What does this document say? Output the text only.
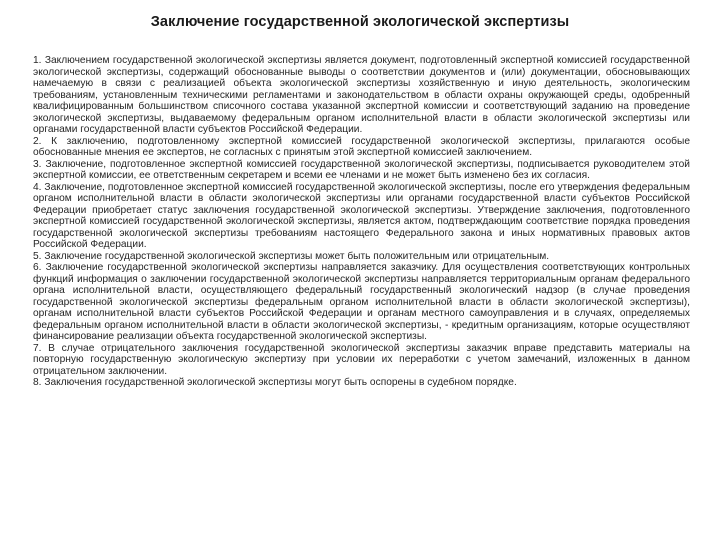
Заключение государственной экологической экспертизы

1. Заключением государственной экологической экспертизы является документ, подготовленный экспертной комиссией государственной экологической экспертизы, содержащий обоснованные выводы о соответствии документов и (или) документации, обосновывающих намечаемую в связи с реализацией объекта экологической экспертизы хозяйственную и иную деятельность, экологическим требованиям, установленным техническими регламентами и законодательством в области охраны окружающей среды, одобренный квалифицированным большинством списочного состава указанной экспертной комиссии и соответствующий заданию на проведение экологической экспертизы, выдаваемому федеральным органом исполнительной власти в области экологической экспертизы или органами государственной власти субъектов Российской Федерации.

2. К заключению, подготовленному экспертной комиссией государственной экологической экспертизы, прилагаются особые обоснованные мнения ее экспертов, не согласных с принятым этой экспертной комиссией заключением.

3. Заключение, подготовленное экспертной комиссией государственной экологической экспертизы, подписывается руководителем этой экспертной комиссии, ее ответственным секретарем и всеми ее членами и не может быть изменено без их согласия.

4. Заключение, подготовленное экспертной комиссией государственной экологической экспертизы, после его утверждения федеральным органом исполнительной власти в области экологической экспертизы или органами государственной власти субъектов Российской Федерации приобретает статус заключения государственной экологической экспертизы. Утверждение заключения, подготовленного экспертной комиссией государственной экологической экспертизы, является актом, подтверждающим соответствие порядка проведения государственной экологической экспертизы требованиям настоящего Федерального закона и иных нормативных правовых актов Российской Федерации.

5. Заключение государственной экологической экспертизы может быть положительным или отрицательным.

6. Заключение государственной экологической экспертизы направляется заказчику. Для осуществления соответствующих контрольных функций информация о заключении государственной экологической экспертизы направляется территориальным органам федерального органа исполнительной власти, осуществляющего федеральный государственный экологический надзор (в случае проведения государственной экологической экспертизы федеральным органом исполнительной власти в области экологической экспертизы), органам исполнительной власти субъектов Российской Федерации и органам местного самоуправления и в случаях, определяемых федеральным органом исполнительной власти в области экологической экспертизы, - кредитным организациям, которые осуществляют финансирование реализации объекта государственной экологической экспертизы.

7. В случае отрицательного заключения государственной экологической экспертизы заказчик вправе представить материалы на повторную государственную экологическую экспертизу при условии их переработки с учетом замечаний, изложенных в данном отрицательном заключении.

8. Заключения государственной экологической экспертизы могут быть оспорены в судебном порядке.
